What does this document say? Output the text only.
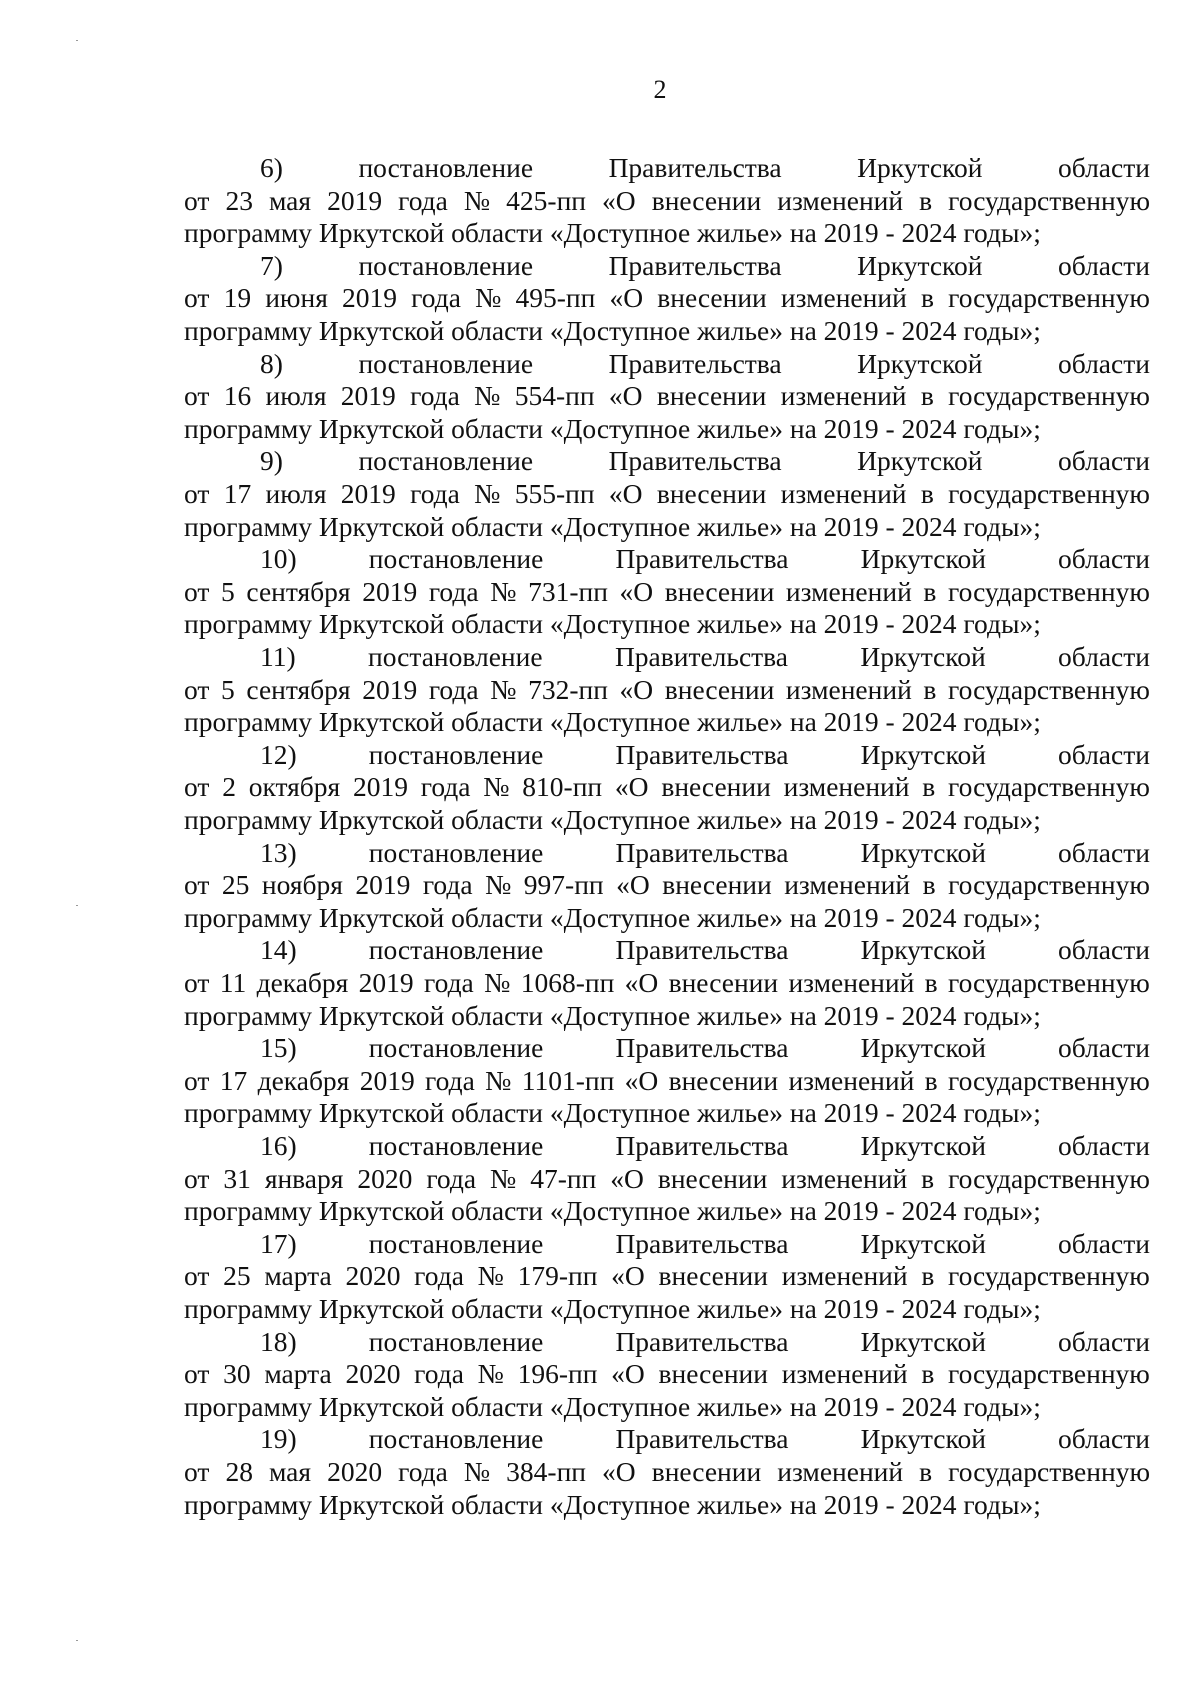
2
6)	постановление	Правительства	Иркутской	области
от 23 мая 2019 года № 425-пп «О внесении изменений в государственную
программу Иркутской области «Доступное жилье» на 2019 - 2024 годы»;
7)	постановление	Правительства	Иркутской	области
от 19 июня 2019 года № 495-пп «О внесении изменений в государственную
программу Иркутской области «Доступное жилье» на 2019 - 2024 годы»;
8)	постановление	Правительства	Иркутской	области
от 16 июля 2019 года № 554-пп «О внесении изменений в государственную
программу Иркутской области «Доступное жилье» на 2019 - 2024 годы»;
9)	постановление	Правительства	Иркутской	области
от 17 июля 2019 года № 555-пп «О внесении изменений в государственную
программу Иркутской области «Доступное жилье» на 2019 - 2024 годы»;
10)	постановление	Правительства	Иркутской	области
от 5 сентября 2019 года № 731-пп «О внесении изменений в государственную
программу Иркутской области «Доступное жилье» на 2019 - 2024 годы»;
11)	постановление	Правительства	Иркутской	области
от 5 сентября 2019 года № 732-пп «О внесении изменений в государственную
программу Иркутской области «Доступное жилье» на 2019 - 2024 годы»;
12)	постановление	Правительства	Иркутской	области
от 2 октября 2019 года № 810-пп «О внесении изменений в государственную
программу Иркутской области «Доступное жилье» на 2019 - 2024 годы»;
13)	постановление	Правительства	Иркутской	области
от 25 ноября 2019 года № 997-пп «О внесении изменений в государственную
программу Иркутской области «Доступное жилье» на 2019 - 2024 годы»;
14)	постановление	Правительства	Иркутской	области
от 11 декабря 2019 года № 1068-пп «О внесении изменений в государственную
программу Иркутской области «Доступное жилье» на 2019 - 2024 годы»;
15)	постановление	Правительства	Иркутской	области
от 17 декабря 2019 года № 1101-пп «О внесении изменений в государственную
программу Иркутской области «Доступное жилье» на 2019 - 2024 годы»;
16)	постановление	Правительства	Иркутской	области
от 31 января 2020 года № 47-пп «О внесении изменений в государственную
программу Иркутской области «Доступное жилье» на 2019 - 2024 годы»;
17)	постановление	Правительства	Иркутской	области
от 25 марта 2020 года № 179-пп «О внесении изменений в государственную
программу Иркутской области «Доступное жилье» на 2019 - 2024 годы»;
18)	постановление	Правительства	Иркутской	области
от 30 марта 2020 года № 196-пп «О внесении изменений в государственную
программу Иркутской области «Доступное жилье» на 2019 - 2024 годы»;
19)	постановление	Правительства	Иркутской	области
от 28 мая 2020 года № 384-пп «О внесении изменений в государственную
программу Иркутской области «Доступное жилье» на 2019 - 2024 годы»;
